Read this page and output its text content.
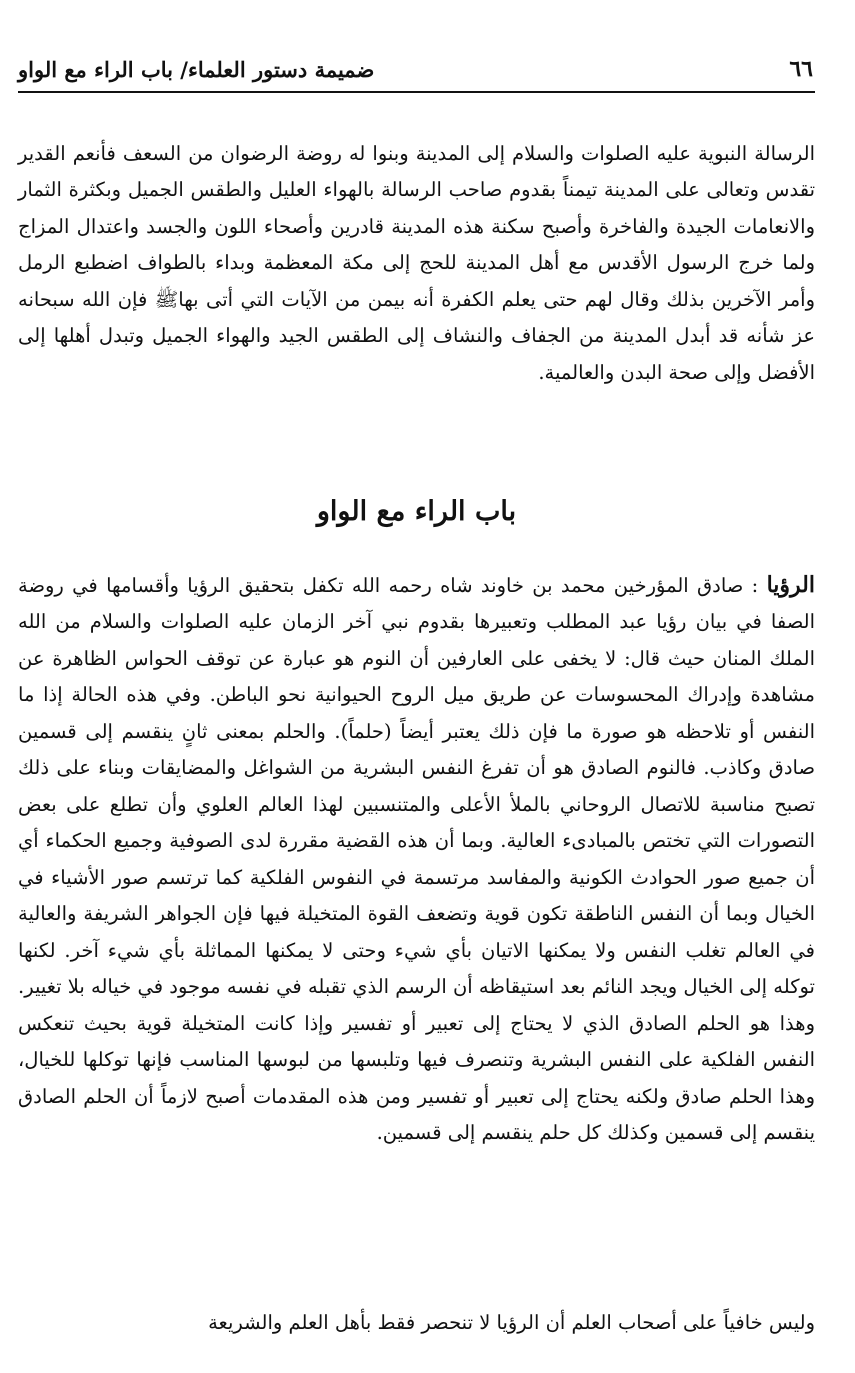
٦٦
ضميمة دستور العلماء/ باب الراء مع الواو

الرسالة النبوية عليه الصلوات والسلام إلى المدينة وبنوا له روضة الرضوان من السعف فأنعم القدير تقدس وتعالى على المدينة تيمناً بقدوم صاحب الرسالة بالهواء العليل والطقس الجميل وبكثرة الثمار والانعامات الجيدة والفاخرة وأصبح سكنة هذه المدينة قادرين وأصحاء اللون والجسد واعتدال المزاج ولما خرج الرسول الأقدس مع أهل المدينة للحج إلى مكة المعظمة وبداء بالطواف اضطبع الرمل وأمر الآخرين بذلك وقال لهم حتى يعلم الكفرة أنه بيمن من الآيات التي أتى بهاﷺ فإن الله سبحانه عز شأنه قد أبدل المدينة من الجفاف والنشاف إلى الطقس الجيد والهواء الجميل وتبدل أهلها إلى الأفضل وإلى صحة البدن والعالمية.

باب الراء مع الواو

الرؤيا : صادق المؤرخين محمد بن خاوند شاه رحمه الله تكفل بتحقيق الرؤيا وأقسامها في روضة الصفا في بيان رؤيا عبد المطلب وتعبيرها بقدوم نبي آخر الزمان عليه الصلوات والسلام من الله الملك المنان حيث قال: لا يخفى على العارفين أن النوم هو عبارة عن توقف الحواس الظاهرة عن مشاهدة وإدراك المحسوسات عن طريق ميل الروح الحيوانية نحو الباطن. وفي هذه الحالة إذا ما النفس أو تلاحظه هو صورة ما فإن ذلك يعتبر أيضاً (حلماً). والحلم بمعنى ثانٍ ينقسم إلى قسمين صادق وكاذب. فالنوم الصادق هو أن تفرغ النفس البشرية من الشواغل والمضايقات وبناء على ذلك تصبح مناسبة للاتصال الروحاني بالملأ الأعلى والمتنسبين لهذا العالم العلوي وأن تطلع على بعض التصورات التي تختص بالمبادىء العالية. وبما أن هذه القضية مقررة لدى الصوفية وجميع الحكماء أي أن جميع صور الحوادث الكونية والمفاسد مرتسمة في النفوس الفلكية كما ترتسم صور الأشياء في الخيال وبما أن النفس الناطقة تكون قوية وتضعف القوة المتخيلة فيها فإن الجواهر الشريفة والعالية في العالم تغلب النفس ولا يمكنها الاتيان بأي شيء وحتى لا يمكنها المماثلة بأي شيء آخر. لكنها توكله إلى الخيال ويجد النائم بعد استيقاظه أن الرسم الذي تقبله في نفسه موجود في خياله بلا تغيير. وهذا هو الحلم الصادق الذي لا يحتاج إلى تعبير أو تفسير وإذا كانت المتخيلة قوية بحيث تنعكس النفس الفلكية على النفس البشرية وتنصرف فيها وتلبسها من لبوسها المناسب فإنها توكلها للخيال، وهذا الحلم صادق ولكنه يحتاج إلى تعبير أو تفسير ومن هذه المقدمات أصبح لازماً أن الحلم الصادق ينقسم إلى قسمين وكذلك كل حلم ينقسم إلى قسمين.

وليس خافياً على أصحاب العلم أن الرؤيا لا تنحصر فقط بأهل العلم والشريعة
